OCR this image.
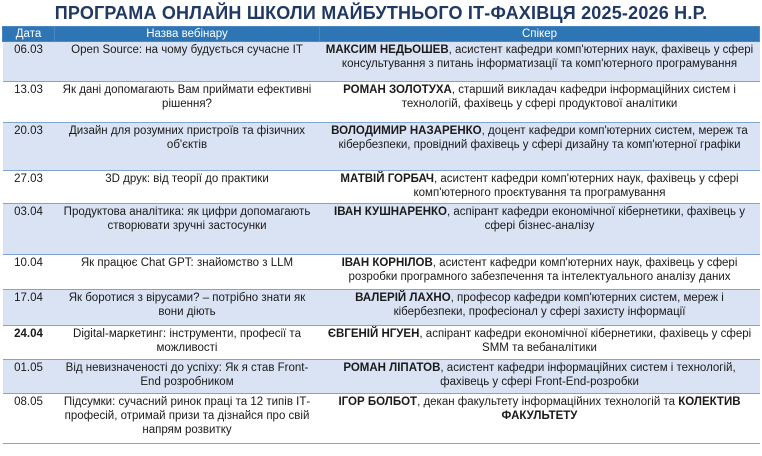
ПРОГРАМА ОНЛАЙН ШКОЛИ МАЙБУТНЬОГО ІТ-ФАХІВЦЯ 2025-2026 Н.Р.
Дата	Назва вебінару	Спікер
06.03	Open Source: на чому будується сучасне ІТ	МАКСИМ НЕДЬОШЕВ, асистент кафедри комп'ютерних наук, фахівець у сфері консультування з питань інформатизації та комп'ютерного програмування
13.03	Як дані допомагають Вам приймати ефективні рішення?	РОМАН ЗОЛОТУХА, старший викладач кафедри інформаційних систем і технологій, фахівець у сфері продуктової аналітики
20.03	Дизайн для розумних пристроїв та фізичних об'єктів	ВОЛОДИМИР НАЗАРЕНКО, доцент кафедри комп'ютерних систем, мереж та кібербезпеки, провідний фахівець у сфері дизайну та комп'ютерної графіки
27.03	3D друк: від теорії до практики	МАТВІЙ ГОРБАЧ, асистент кафедри комп'ютерних наук, фахівець у сфері комп'ютерного проєктування та програмування
03.04	Продуктова аналітика: як цифри допомагають створювати зручні застосунки	ІВАН КУШНАРЕНКО, аспірант кафедри економічної кібернетики, фахівець у сфері бізнес-аналізу
10.04	Як працює Chat GPT: знайомство з LLM	ІВАН КОРНІЛОВ, асистент кафедри комп'ютерних наук, фахівець у сфері розробки програмного забезпечення та інтелектуального аналізу даних
17.04	Як боротися з вірусами? – потрібно знати як вони діють	ВАЛЕРІЙ ЛАХНО, професор кафедри комп'ютерних систем, мереж і кібербезпеки, професіонал у сфері захисту інформації
24.04	Digital-маркетинг: інструменти, професії та можливості	ЄВГЕНІЙ НГУЕН, аспірант кафедри економічної кібернетики, фахівець у сфері SMM та вебаналітики
01.05	Від невизначеності до успіху: Як я став Front-End розробником	РОМАН ЛІПАТОВ, асистент кафедри інформаційних систем і технологій, фахівець у сфері Front-End-розробки
08.05	Підсумки: сучасний ринок праці та 12 типів ІТ-професій, отримай призи та дізнайся про свій напрям розвитку	ІГОР БОЛБОТ, декан факультету інформаційних технологій та КОЛЕКТИВ ФАКУЛЬТЕТУ
